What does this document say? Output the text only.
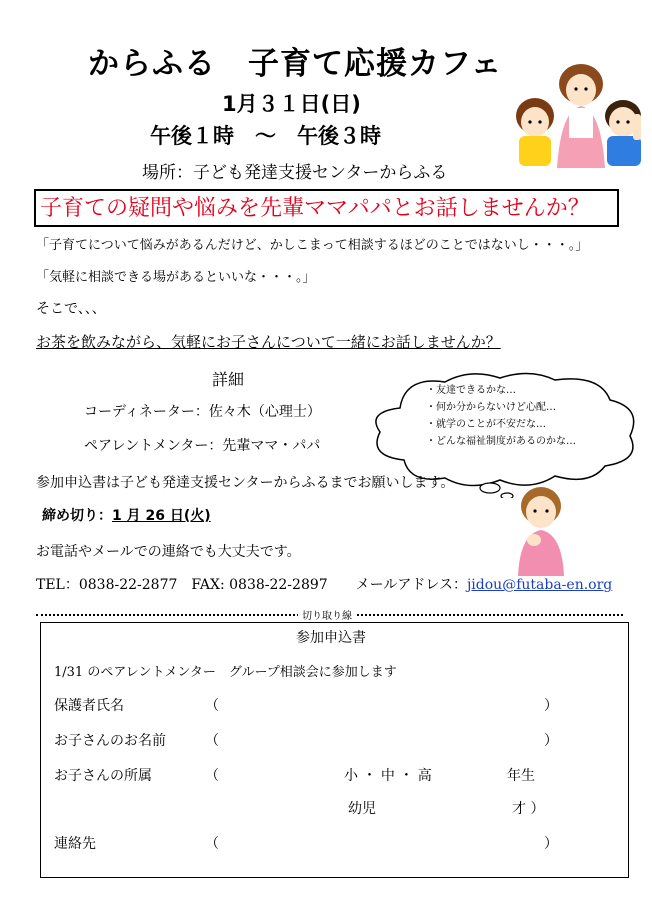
からふる　子育て応援カフェ
1月３１日(日)
午後１時　～　午後３時
場所：子ども発達支援センターからふる
子育ての疑問や悩みを先輩ママパパとお話しませんか？
「子育てについて悩みがあるんだけど、かしこまって相談するほどのことではないし・・・。」
「気軽に相談できる場があるといいな・・・。」
そこで、、、
お茶を飲みながら、気軽にお子さんについて一緒にお話しませんか？
詳細
コーディネーター：佐々木（心理士）
ペアレントメンター：先輩ママ・パパ
・友達できるかな…
・何か分からないけど心配…
・就学のことが不安だな…
・どんな福祉制度があるのかな…
参加申込書は子ども発達支援センターからふるまでお願いします。
締め切り：1 月 26 日(火)
お電話やメールでの連絡でも大丈夫です。
TEL：0838-22-2877　FAX: 0838-22-2897　　メールアドレス：jidou@futaba-en.org
切り取り線
参加申込書
1/31 のペアレントメンター　グループ相談会に参加します
保護者氏名	（	）
お子さんのお名前	（	）
お子さんの所属	（	小 ・ 中 ・ 高	年生
幼児	才 ）
連絡先	（	）
